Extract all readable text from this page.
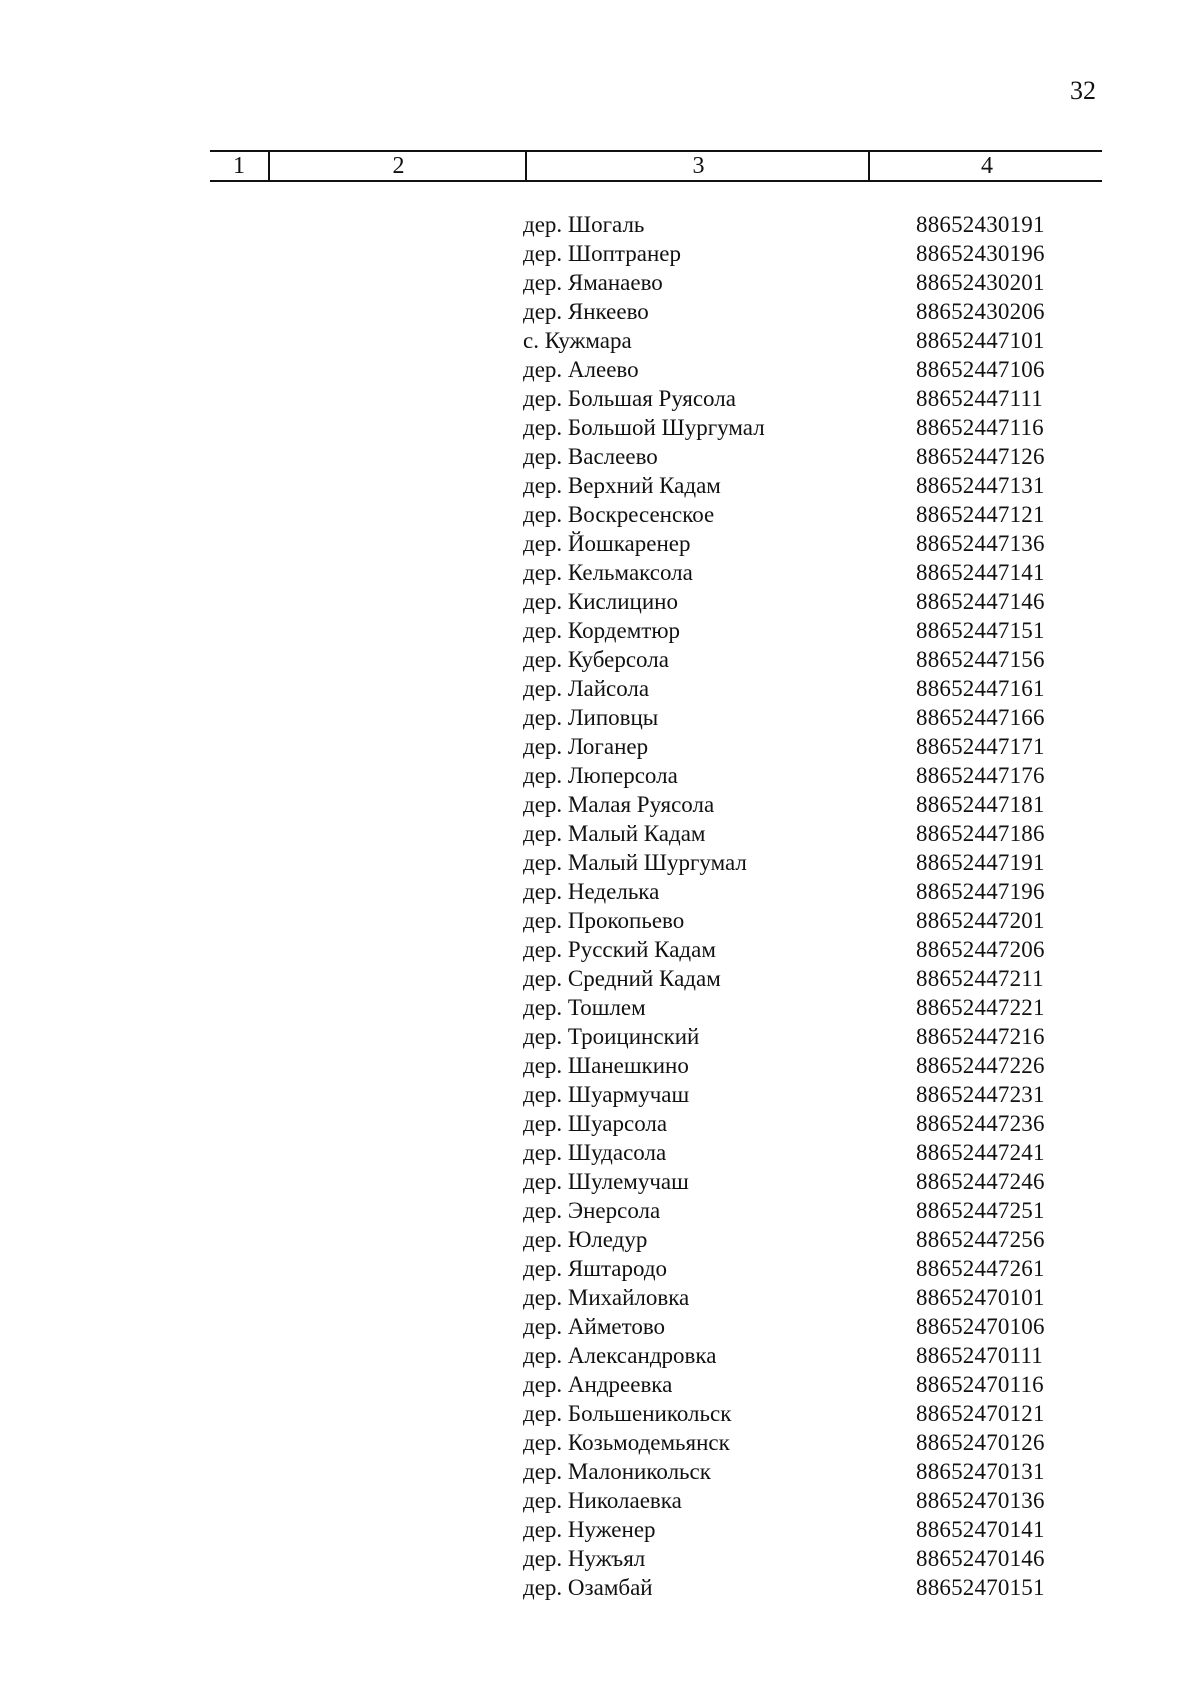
32
1	2	3	4
дер. Шогаль	88652430191
дер. Шоптранер	88652430196
дер. Яманаево	88652430201
дер. Янкеево	88652430206
с. Кужмара	88652447101
дер. Алеево	88652447106
дер. Большая Руясола	88652447111
дер. Большой Шургумал	88652447116
дер. Васлеево	88652447126
дер. Верхний Кадам	88652447131
дер. Воскресенское	88652447121
дер. Йошкаренер	88652447136
дер. Кельмаксола	88652447141
дер. Кислицино	88652447146
дер. Кордемтюр	88652447151
дер. Куберсола	88652447156
дер. Лайсола	88652447161
дер. Липовцы	88652447166
дер. Логанер	88652447171
дер. Люперсола	88652447176
дер. Малая Руясола	88652447181
дер. Малый Кадам	88652447186
дер. Малый Шургумал	88652447191
дер. Неделька	88652447196
дер. Прокопьево	88652447201
дер. Русский Кадам	88652447206
дер. Средний Кадам	88652447211
дер. Тошлем	88652447221
дер. Троицинский	88652447216
дер. Шанешкино	88652447226
дер. Шуармучаш	88652447231
дер. Шуарсола	88652447236
дер. Шудасола	88652447241
дер. Шулемучаш	88652447246
дер. Энерсола	88652447251
дер. Юледур	88652447256
дер. Яштародо	88652447261
дер. Михайловка	88652470101
дер. Айметово	88652470106
дер. Александровка	88652470111
дер. Андреевка	88652470116
дер. Большеникольск	88652470121
дер. Козьмодемьянск	88652470126
дер. Малоникольск	88652470131
дер. Николаевка	88652470136
дер. Нуженер	88652470141
дер. Нужъял	88652470146
дер. Озамбай	88652470151
